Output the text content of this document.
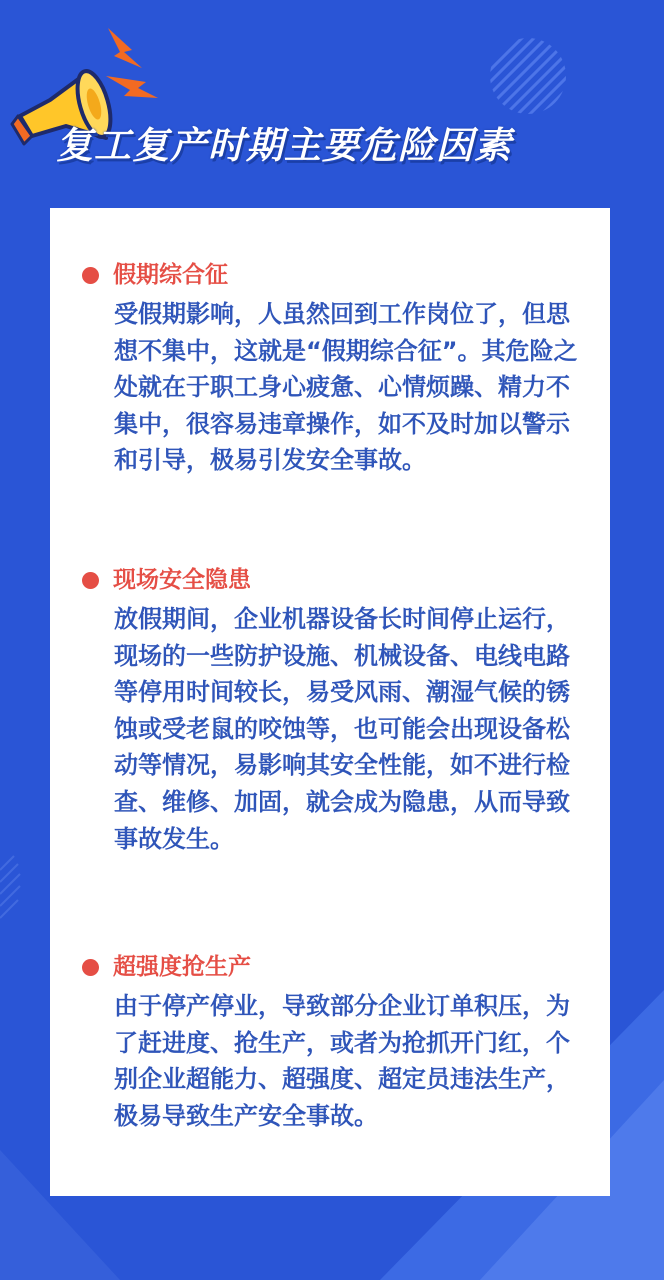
复工复产时期主要危险因素
假期综合征
受假期影响，人虽然回到工作岗位了，但思想不集中，这就是“假期综合征”。其危险之处就在于职工身心疲惫、心情烦躁、精力不集中，很容易违章操作，如不及时加以警示和引导，极易引发安全事故。
现场安全隐患
放假期间，企业机器设备长时间停止运行，现场的一些防护设施、机械设备、电线电路等停用时间较长，易受风雨、潮湿气候的锈蚀或受老鼠的咬蚀等，也可能会出现设备松动等情况，易影响其安全性能，如不进行检查、维修、加固，就会成为隐患，从而导致事故发生。
超强度抢生产
由于停产停业，导致部分企业订单积压，为了赶进度、抢生产，或者为抢抓开门红，个别企业超能力、超强度、超定员违法生产，极易导致生产安全事故。
